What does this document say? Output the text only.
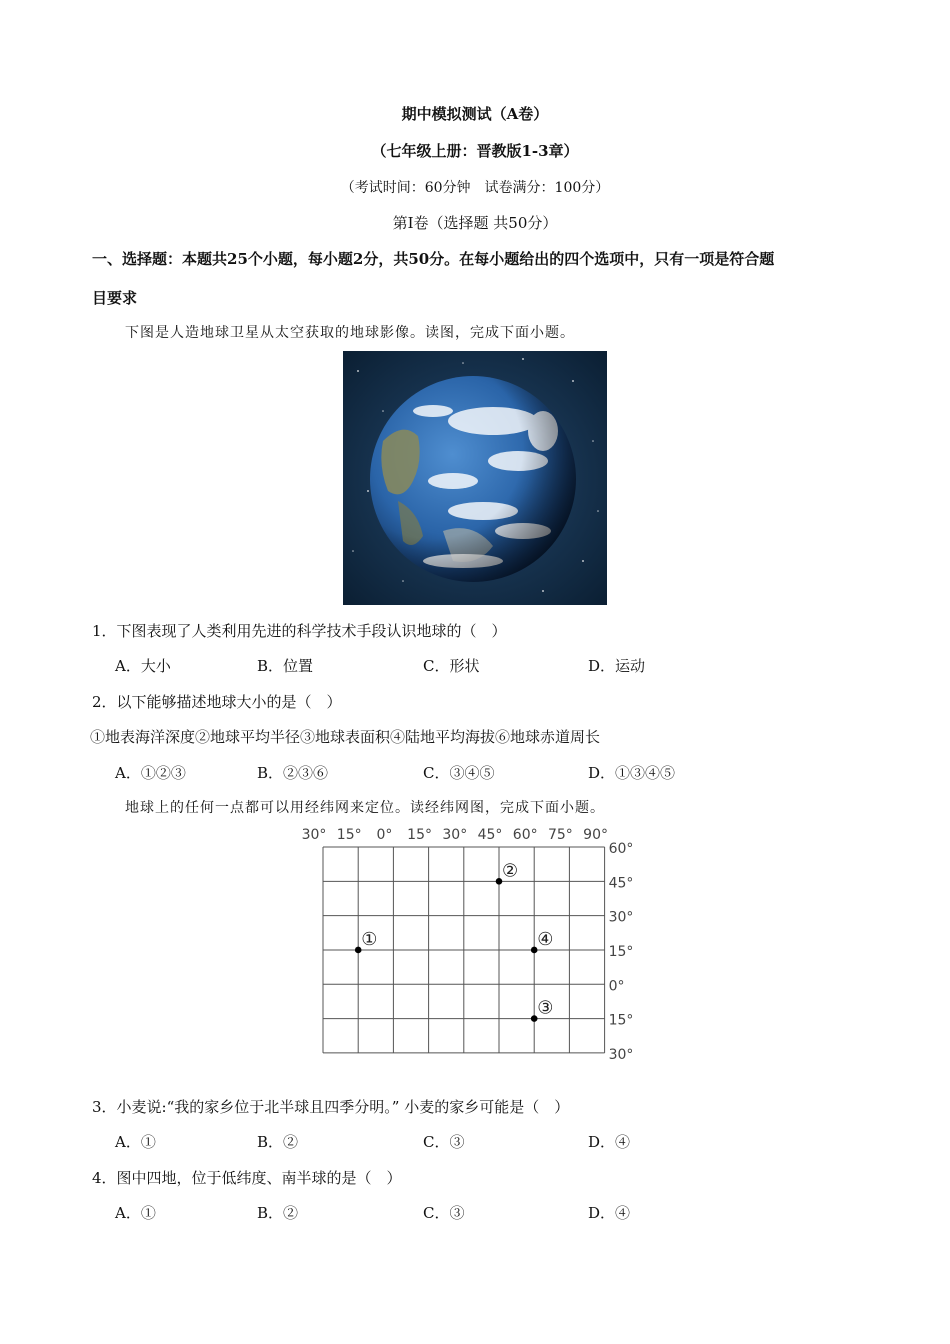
期中模拟测试（A卷）
（七年级上册：晋教版1-3章）
（考试时间：60分钟　试卷满分：100分）
第Ⅰ卷（选择题 共50分）
一、选择题：本题共25个小题，每小题2分，共50分。在每小题给出的四个选项中，只有一项是符合题
目要求
下图是人造地球卫星从太空获取的地球影像。读图，完成下面小题。
1．下图表现了人类利用先进的科学技术手段认识地球的（　）
A．大小	B．位置	C．形状	D．运动
2．以下能够描述地球大小的是（　）
①地表海洋深度②地球平均半径③地球表面积④陆地平均海拔⑥地球赤道周长
A．①②③	B．②③⑥	C．③④⑤	D．①③④⑤
地球上的任何一点都可以用经纬网来定位。读经纬网图，完成下面小题。
30° 15° 0° 15° 30° 45° 60° 75° 90°
60°
45°
30°
15°
0°
15°
30°
①
②
④
③
3．小麦说:“我的家乡位于北半球且四季分明。” 小麦的家乡可能是（　）
A．①	B．②	C．③	D．④
4．图中四地，位于低纬度、南半球的是（　）
A．①	B．②	C．③	D．④
